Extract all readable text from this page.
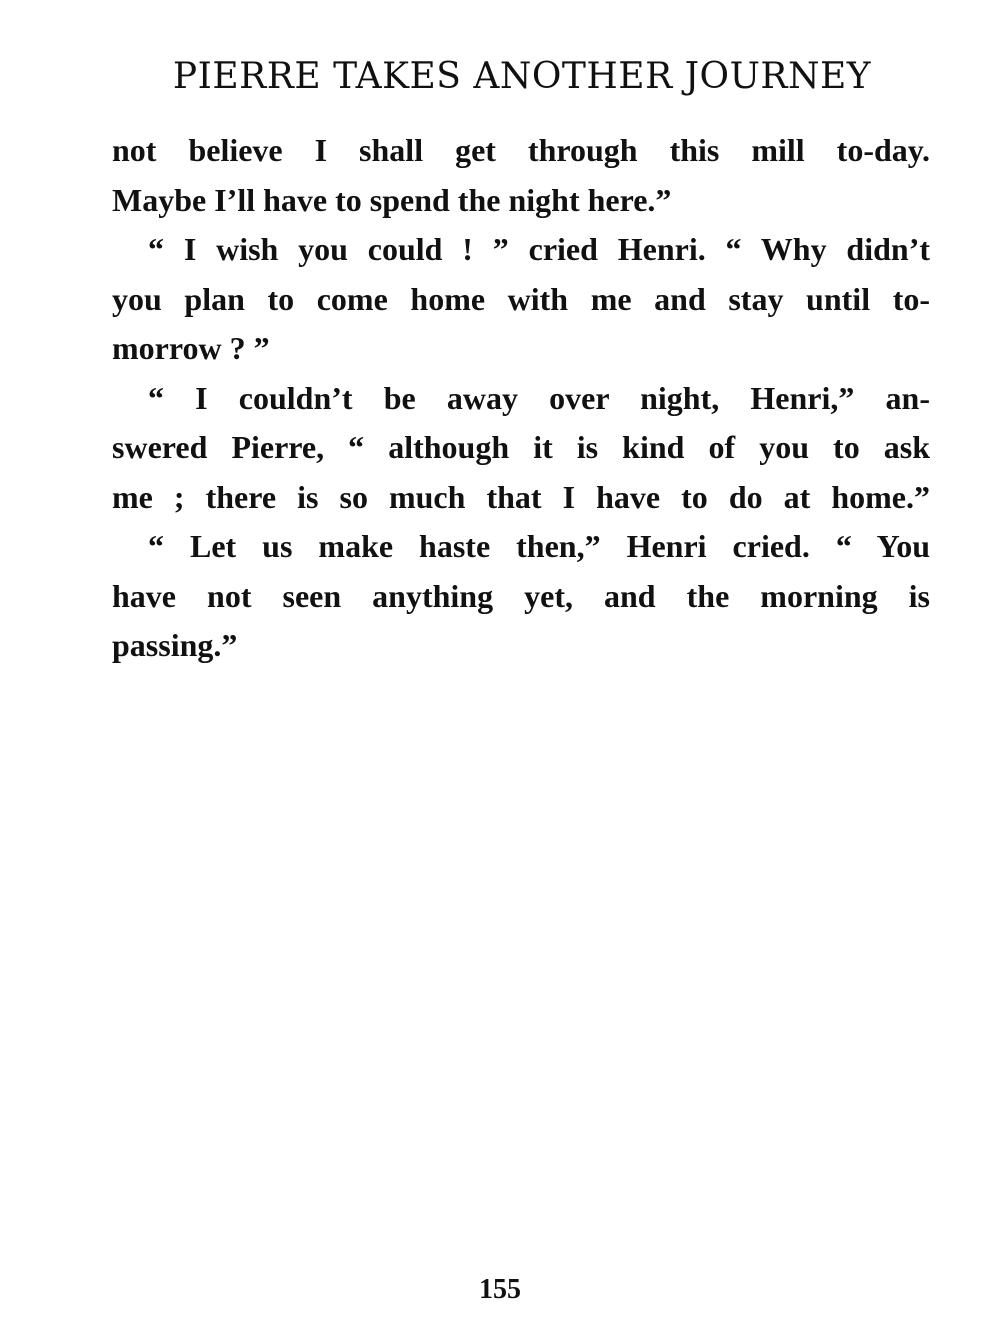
PIERRE TAKES ANOTHER JOURNEY
not believe I shall get through this mill to-day.
Maybe I’ll have to spend the night here.”
“ I wish you could ! ” cried Henri. “ Why didn’t
you plan to come home with me and stay until to-
morrow ? ”
“ I couldn’t be away over night, Henri,” an-
swered Pierre, “ although it is kind of you to ask
me ; there is so much that I have to do at home.”
“ Let us make haste then,” Henri cried. “ You
have not seen anything yet, and the morning is
passing.”
155
